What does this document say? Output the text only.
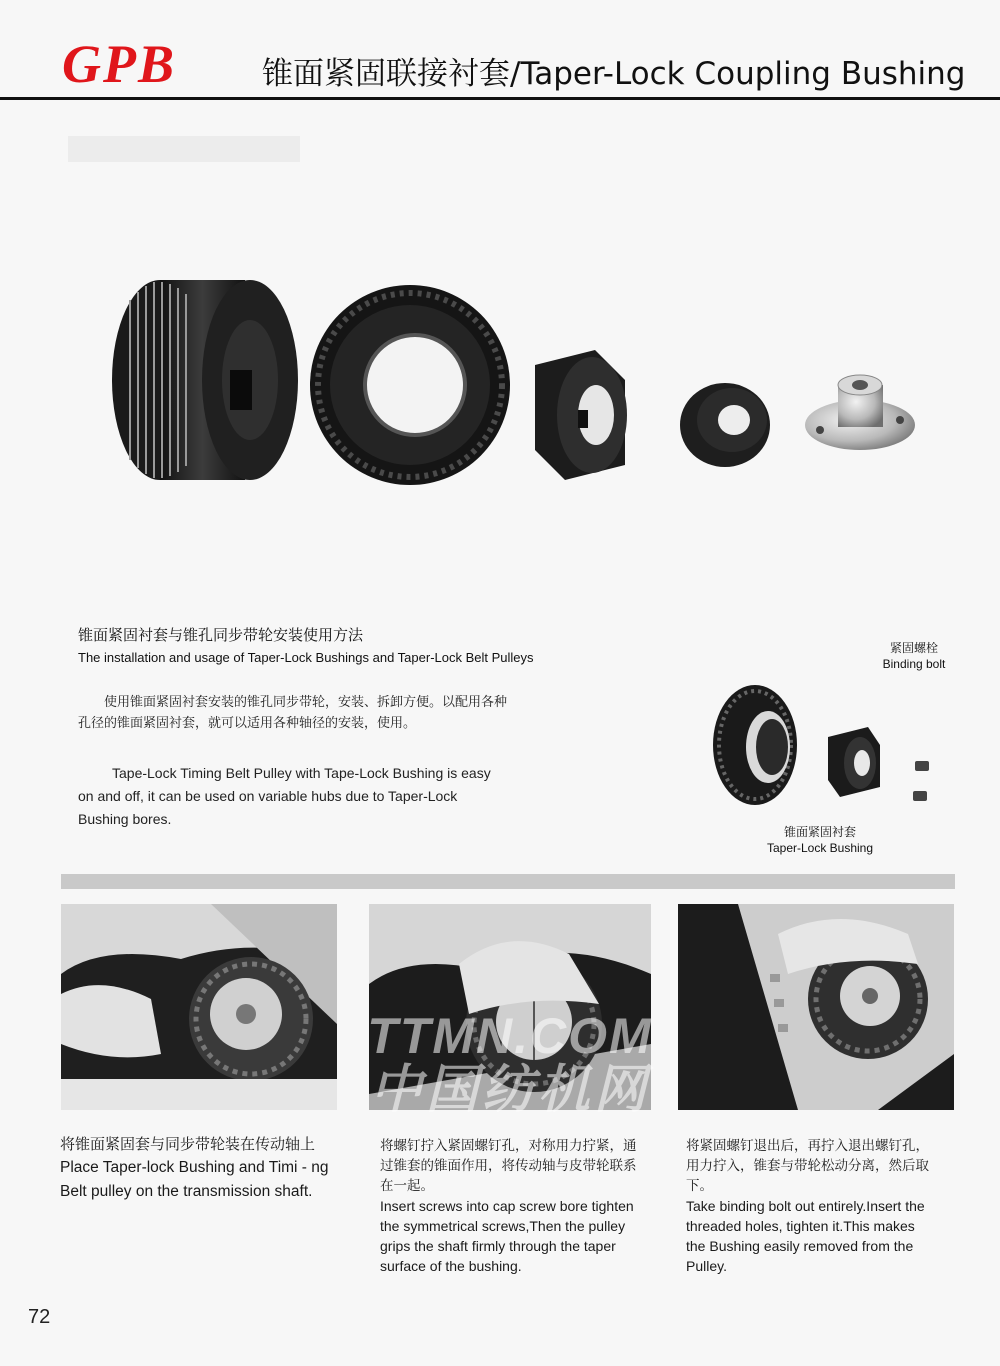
GPB	锥面紧固联接衬套/Taper-Lock Coupling Bushing
锥面紧固衬套与锥孔同步带轮安装使用方法
The installation and usage of Taper-Lock Bushings and Taper-Lock Belt Pulleys
使用锥面紧固衬套安装的锥孔同步带轮，安装、拆卸方便。以配用各种孔径的锥面紧固衬套，就可以适用各种轴径的安装，使用。
Tape-Lock Timing Belt Pulley with Tape-Lock Bushing is easy on and off, it can be used on variable hubs due to Taper-Lock Bushing bores.
紧固螺栓
Binding bolt
锥面紧固衬套
Taper-Lock Bushing
TTMN.COM
中国纺机网
将锥面紧固套与同步带轮装在传动轴上
Place Taper-lock Bushing and Timi - ng Belt pulley on the transmission shaft.
将螺钉拧入紧固螺钉孔，对称用力拧紧，通过锥套的锥面作用，将传动轴与皮带轮联系在一起。
Insert screws into cap screw bore tighten the symmetrical screws,Then the pulley grips the shaft firmly through the taper surface of the bushing.
将紧固螺钉退出后，再拧入退出螺钉孔，用力拧入，锥套与带轮松动分离，然后取下。
Take binding bolt out entirely.Insert the threaded holes, tighten it.This makes the Bushing easily removed from the Pulley.
72
